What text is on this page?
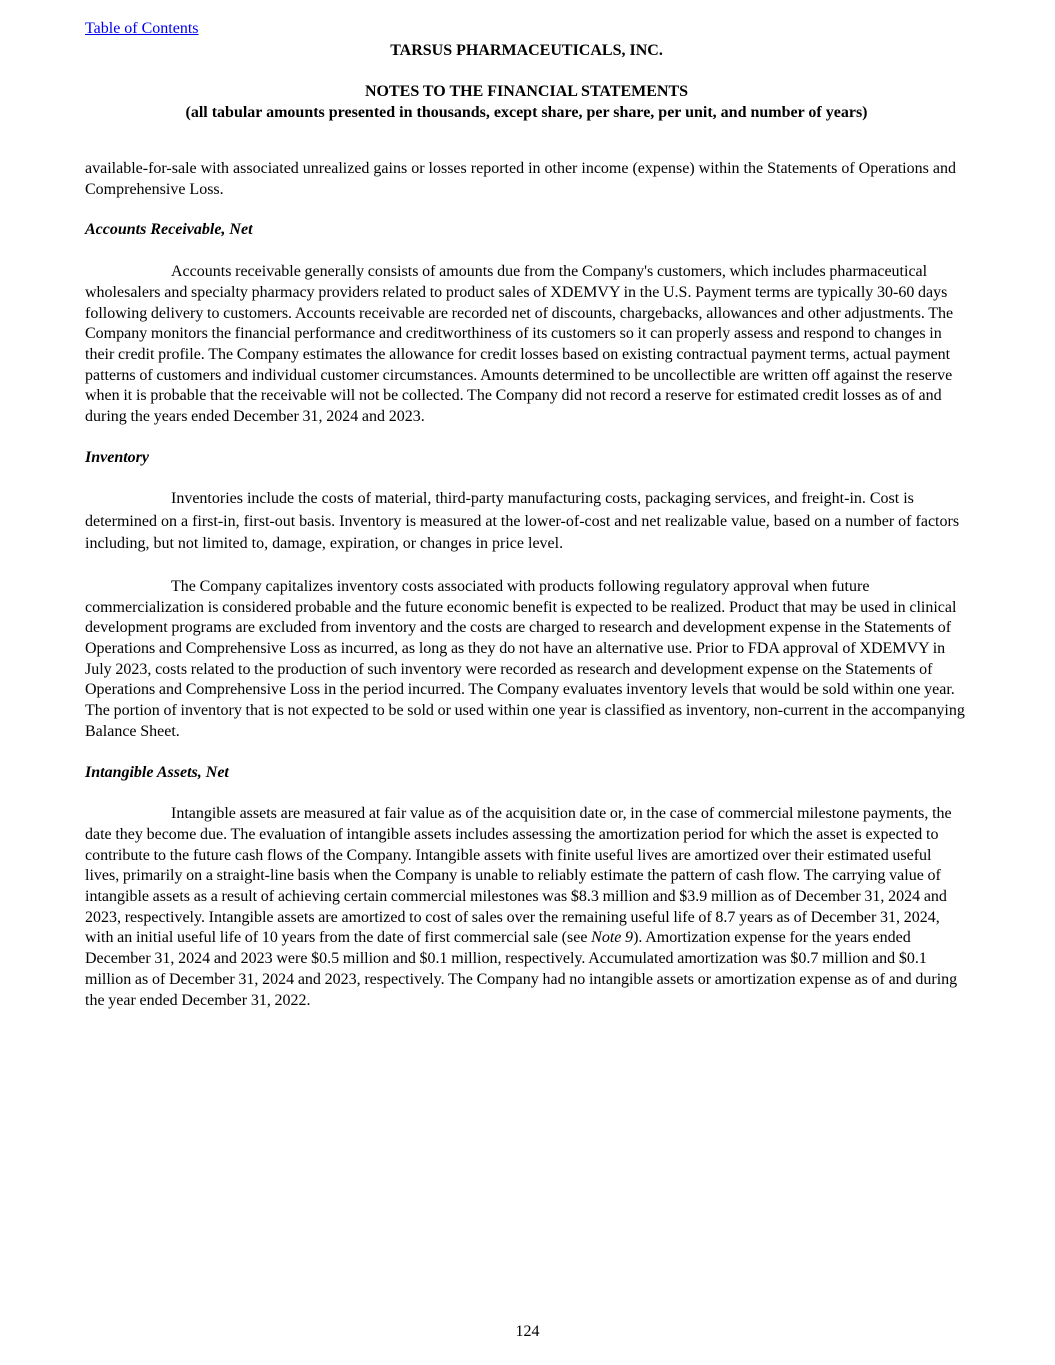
Table of Contents
TARSUS PHARMACEUTICALS, INC.
NOTES TO THE FINANCIAL STATEMENTS
(all tabular amounts presented in thousands, except share, per share, per unit, and number of years)

available-for-sale with associated unrealized gains or losses reported in other income (expense) within the Statements of Operations and Comprehensive Loss.

Accounts Receivable, Net

Accounts receivable generally consists of amounts due from the Company's customers, which includes pharmaceutical wholesalers and specialty pharmacy providers related to product sales of XDEMVY in the U.S. Payment terms are typically 30-60 days following delivery to customers. Accounts receivable are recorded net of discounts, chargebacks, allowances and other adjustments. The Company monitors the financial performance and creditworthiness of its customers so it can properly assess and respond to changes in their credit profile. The Company estimates the allowance for credit losses based on existing contractual payment terms, actual payment patterns of customers and individual customer circumstances. Amounts determined to be uncollectible are written off against the reserve when it is probable that the receivable will not be collected. The Company did not record a reserve for estimated credit losses as of and during the years ended December 31, 2024 and 2023.

Inventory

Inventories include the costs of material, third-party manufacturing costs, packaging services, and freight-in. Cost is determined on a first-in, first-out basis. Inventory is measured at the lower-of-cost and net realizable value, based on a number of factors including, but not limited to, damage, expiration, or changes in price level.

The Company capitalizes inventory costs associated with products following regulatory approval when future commercialization is considered probable and the future economic benefit is expected to be realized. Product that may be used in clinical development programs are excluded from inventory and the costs are charged to research and development expense in the Statements of Operations and Comprehensive Loss as incurred, as long as they do not have an alternative use. Prior to FDA approval of XDEMVY in July 2023, costs related to the production of such inventory were recorded as research and development expense on the Statements of Operations and Comprehensive Loss in the period incurred. The Company evaluates inventory levels that would be sold within one year. The portion of inventory that is not expected to be sold or used within one year is classified as inventory, non-current in the accompanying Balance Sheet.

Intangible Assets, Net

Intangible assets are measured at fair value as of the acquisition date or, in the case of commercial milestone payments, the date they become due. The evaluation of intangible assets includes assessing the amortization period for which the asset is expected to contribute to the future cash flows of the Company. Intangible assets with finite useful lives are amortized over their estimated useful lives, primarily on a straight-line basis when the Company is unable to reliably estimate the pattern of cash flow. The carrying value of intangible assets as a result of achieving certain commercial milestones was $8.3 million and $3.9 million as of December 31, 2024 and 2023, respectively. Intangible assets are amortized to cost of sales over the remaining useful life of 8.7 years as of December 31, 2024, with an initial useful life of 10 years from the date of first commercial sale (see Note 9). Amortization expense for the years ended December 31, 2024 and 2023 were $0.5 million and $0.1 million, respectively. Accumulated amortization was $0.7 million and $0.1 million as of December 31, 2024 and 2023, respectively. The Company had no intangible assets or amortization expense as of and during the year ended December 31, 2022.

124
